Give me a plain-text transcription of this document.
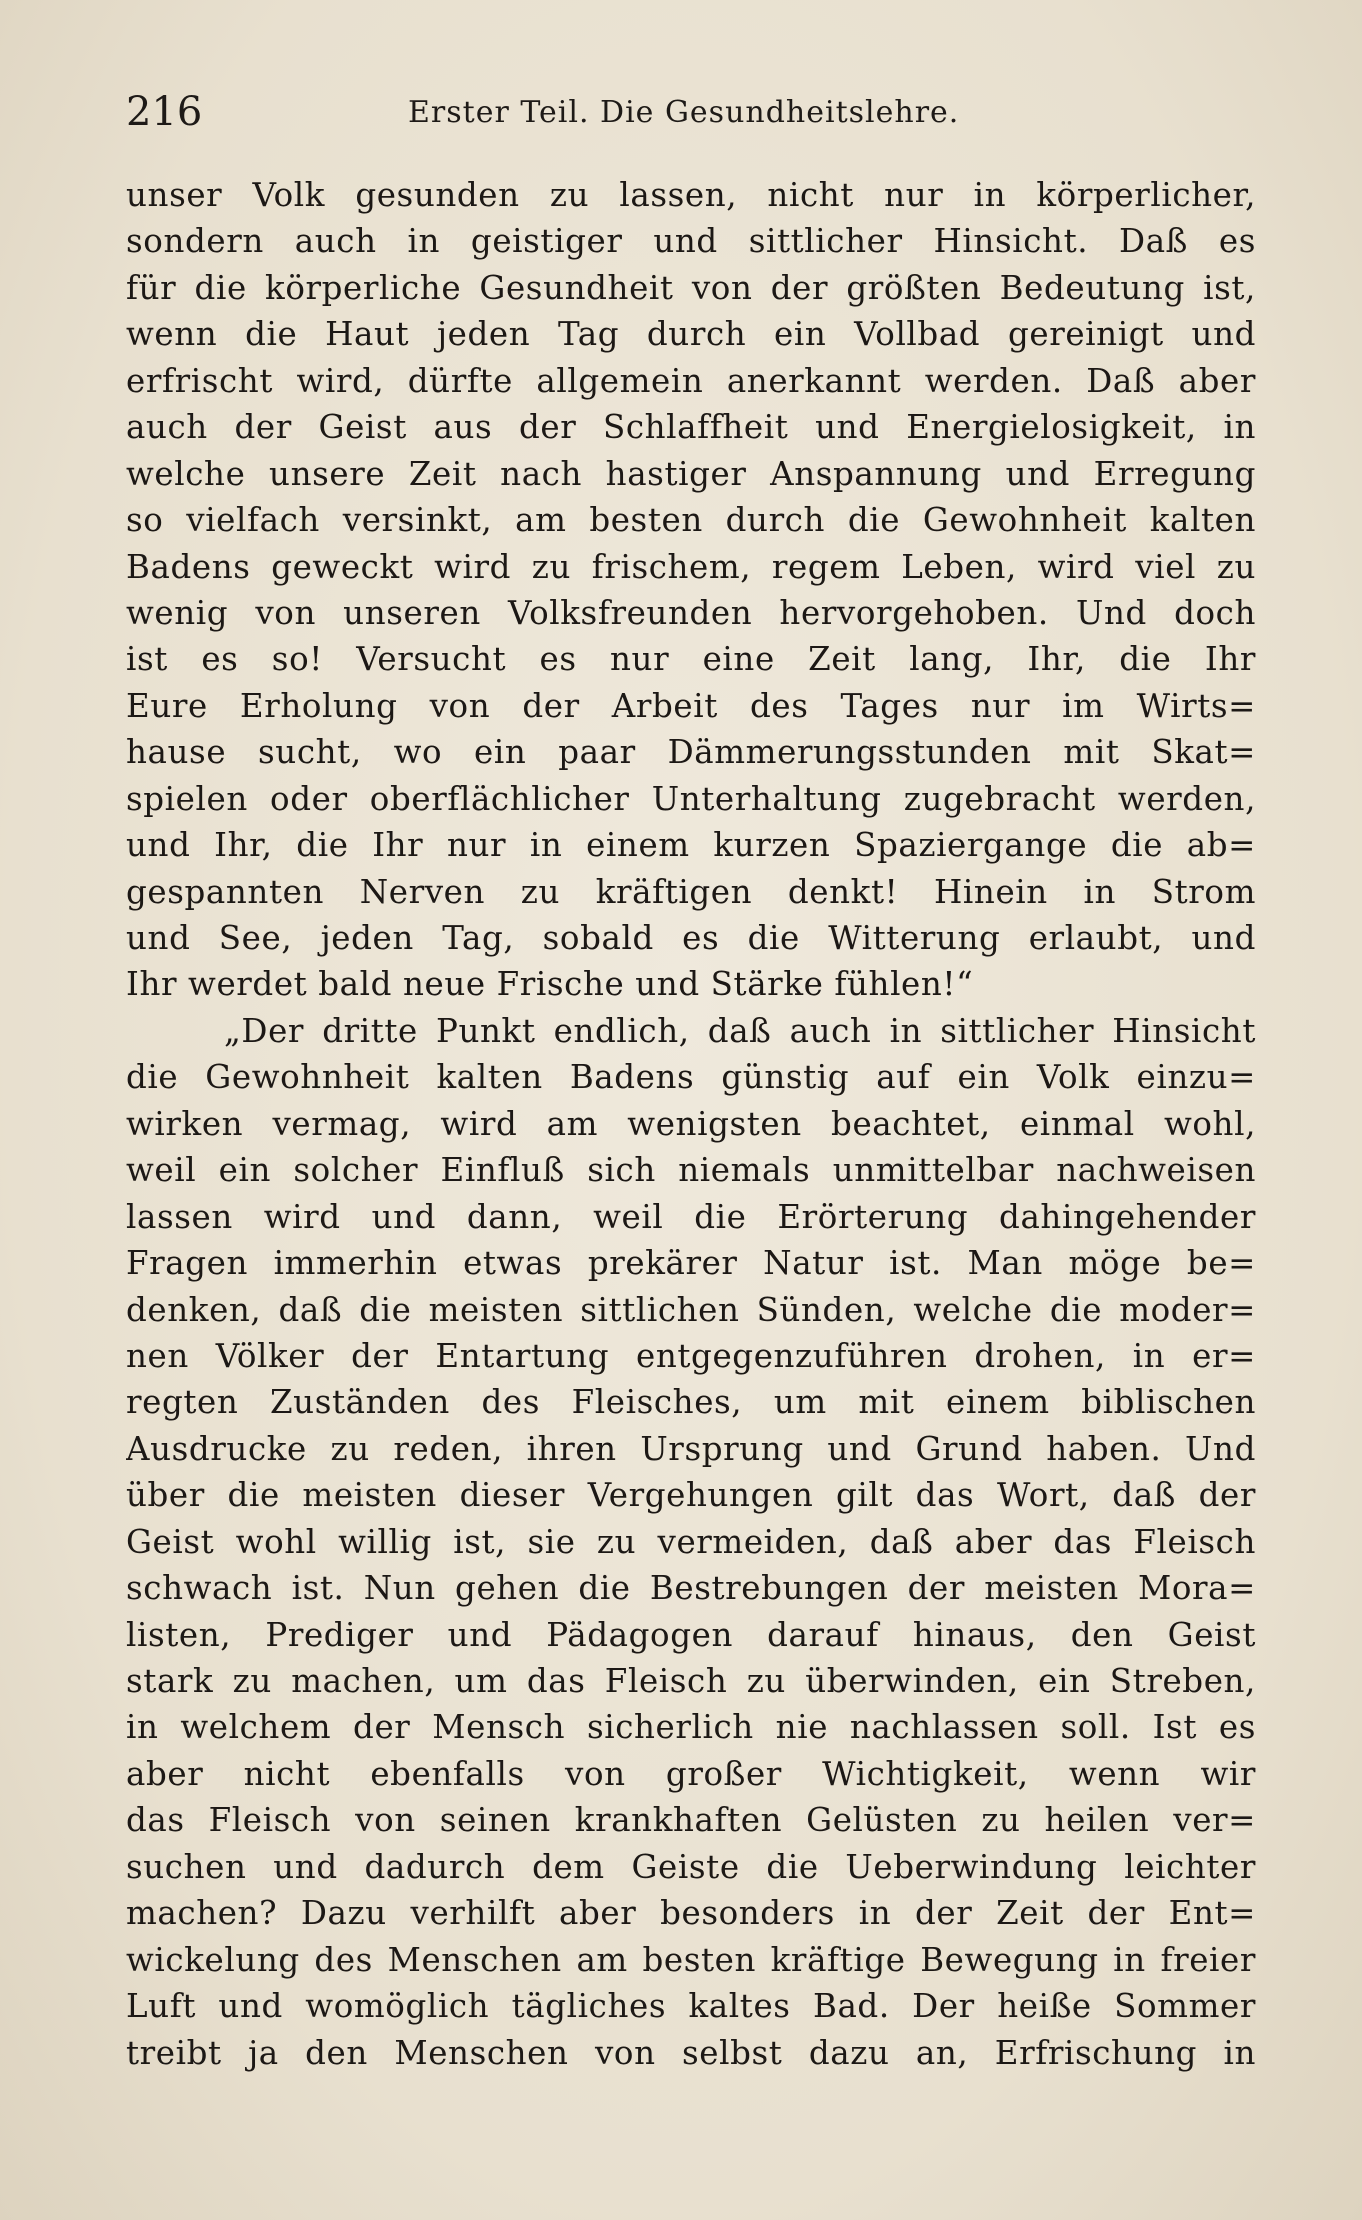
216	Erster Teil. Die Gesundheitslehre.
unser Volk gesunden zu lassen, nicht nur in körperlicher,
sondern auch in geistiger und sittlicher Hinsicht. Daß es
für die körperliche Gesundheit von der größten Bedeutung ist,
wenn die Haut jeden Tag durch ein Vollbad gereinigt und
erfrischt wird, dürfte allgemein anerkannt werden. Daß aber
auch der Geist aus der Schlaffheit und Energielosigkeit, in
welche unsere Zeit nach hastiger Anspannung und Erregung
so vielfach versinkt, am besten durch die Gewohnheit kalten
Badens geweckt wird zu frischem, regem Leben, wird viel zu
wenig von unseren Volksfreunden hervorgehoben. Und doch
ist es so! Versucht es nur eine Zeit lang, Ihr, die Ihr
Eure Erholung von der Arbeit des Tages nur im Wirts=
hause sucht, wo ein paar Dämmerungsstunden mit Skat=
spielen oder oberflächlicher Unterhaltung zugebracht werden,
und Ihr, die Ihr nur in einem kurzen Spaziergange die ab=
gespannten Nerven zu kräftigen denkt! Hinein in Strom
und See, jeden Tag, sobald es die Witterung erlaubt, und
Ihr werdet bald neue Frische und Stärke fühlen!“
„Der dritte Punkt endlich, daß auch in sittlicher Hinsicht
die Gewohnheit kalten Badens günstig auf ein Volk einzu=
wirken vermag, wird am wenigsten beachtet, einmal wohl,
weil ein solcher Einfluß sich niemals unmittelbar nachweisen
lassen wird und dann, weil die Erörterung dahingehender
Fragen immerhin etwas prekärer Natur ist. Man möge be=
denken, daß die meisten sittlichen Sünden, welche die moder=
nen Völker der Entartung entgegenzuführen drohen, in er=
regten Zuständen des Fleisches, um mit einem biblischen
Ausdrucke zu reden, ihren Ursprung und Grund haben. Und
über die meisten dieser Vergehungen gilt das Wort, daß der
Geist wohl willig ist, sie zu vermeiden, daß aber das Fleisch
schwach ist. Nun gehen die Bestrebungen der meisten Mora=
listen, Prediger und Pädagogen darauf hinaus, den Geist
stark zu machen, um das Fleisch zu überwinden, ein Streben,
in welchem der Mensch sicherlich nie nachlassen soll. Ist es
aber nicht ebenfalls von großer Wichtigkeit, wenn wir
das Fleisch von seinen krankhaften Gelüsten zu heilen ver=
suchen und dadurch dem Geiste die Ueberwindung leichter
machen? Dazu verhilft aber besonders in der Zeit der Ent=
wickelung des Menschen am besten kräftige Bewegung in freier
Luft und womöglich tägliches kaltes Bad. Der heiße Sommer
treibt ja den Menschen von selbst dazu an, Erfrischung in
